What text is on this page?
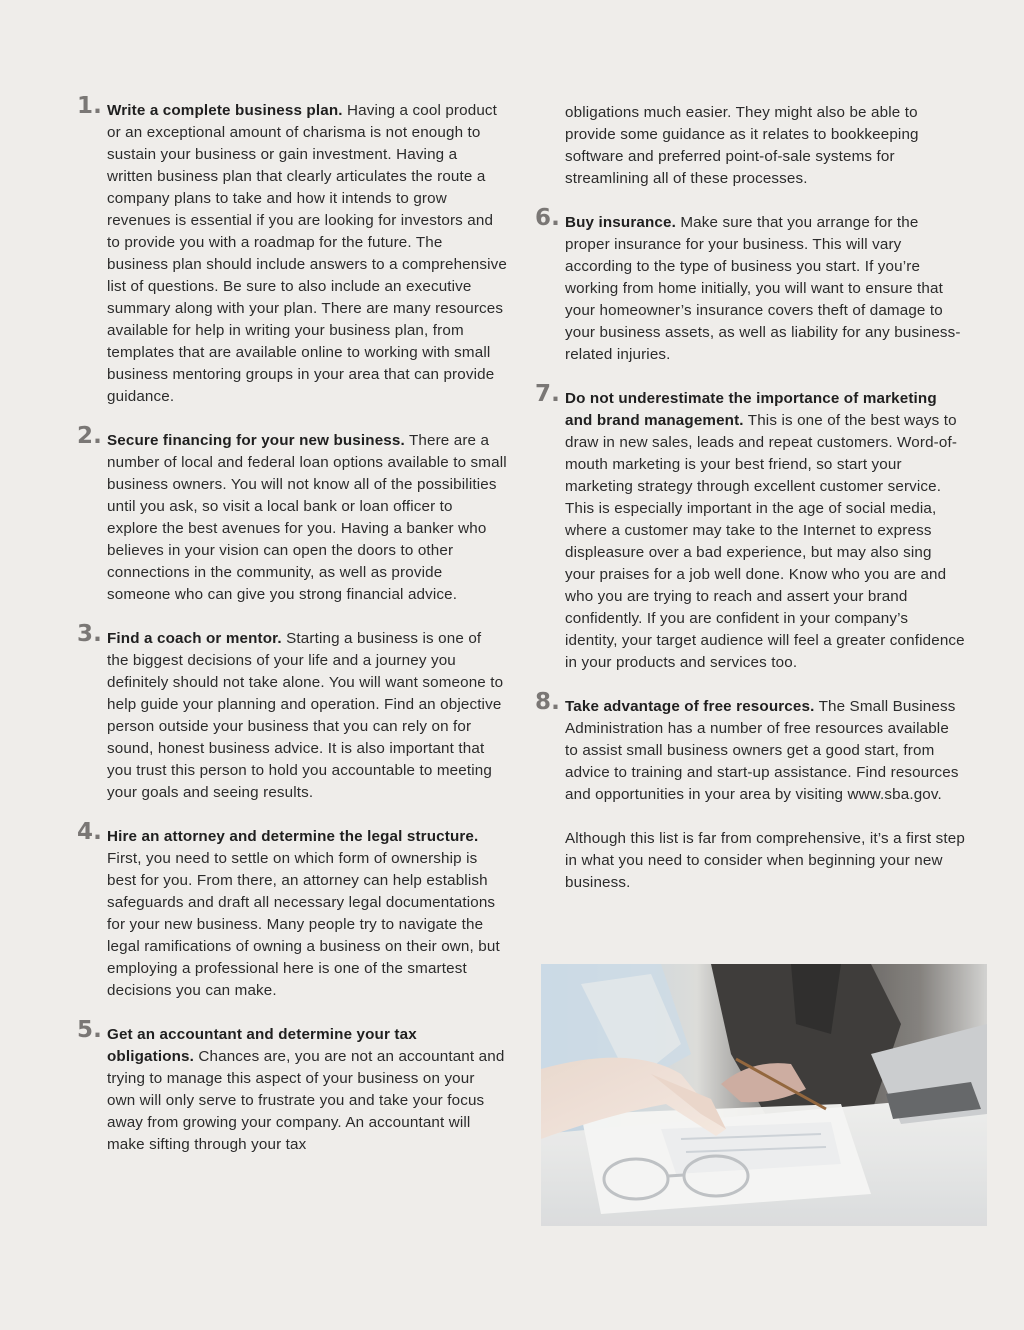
1. Write a complete business plan. Having a cool product or an exceptional amount of charisma is not enough to sustain your business or gain investment. Having a written business plan that clearly articulates the route a company plans to take and how it intends to grow revenues is essential if you are looking for investors and to provide you with a roadmap for the future. The business plan should include answers to a comprehensive list of questions. Be sure to also include an executive summary along with your plan. There are many resources available for help in writing your business plan, from templates that are available online to working with small business mentoring groups in your area that can provide guidance.
2. Secure financing for your new business. There are a number of local and federal loan options available to small business owners. You will not know all of the possibilities until you ask, so visit a local bank or loan officer to explore the best avenues for you. Having a banker who believes in your vision can open the doors to other connections in the community, as well as provide someone who can give you strong financial advice.
3. Find a coach or mentor. Starting a business is one of the biggest decisions of your life and a journey you definitely should not take alone. You will want someone to help guide your planning and operation. Find an objective person outside your business that you can rely on for sound, honest business advice. It is also important that you trust this person to hold you accountable to meeting your goals and seeing results.
4. Hire an attorney and determine the legal structure. First, you need to settle on which form of ownership is best for you. From there, an attorney can help establish safeguards and draft all necessary legal documentations for your new business. Many people try to navigate the legal ramifications of owning a business on their own, but employing a professional here is one of the smartest decisions you can make.
5. Get an accountant and determine your tax obligations. Chances are, you are not an accountant and trying to manage this aspect of your business on your own will only serve to frustrate you and take your focus away from growing your company. An accountant will make sifting through your tax
obligations much easier. They might also be able to provide some guidance as it relates to bookkeeping software and preferred point-of-sale systems for streamlining all of these processes.
6. Buy insurance. Make sure that you arrange for the proper insurance for your business. This will vary according to the type of business you start. If you’re working from home initially, you will want to ensure that your homeowner’s insurance covers theft of damage to your business assets, as well as liability for any business-related injuries.
7. Do not underestimate the importance of marketing and brand management. This is one of the best ways to draw in new sales, leads and repeat customers. Word-of-mouth marketing is your best friend, so start your marketing strategy through excellent customer service. This is especially important in the age of social media, where a customer may take to the Internet to express displeasure over a bad experience, but may also sing your praises for a job well done. Know who you are and who you are trying to reach and assert your brand confidently. If you are confident in your company’s identity, your target audience will feel a greater confidence in your products and services too.
8. Take advantage of free resources. The Small Business Administration has a number of free resources available to assist small business owners get a good start, from advice to training and start-up assistance. Find resources and opportunities in your area by visiting www.sba.gov.
Although this list is far from comprehensive, it’s a first step in what you need to consider when beginning your new business.
